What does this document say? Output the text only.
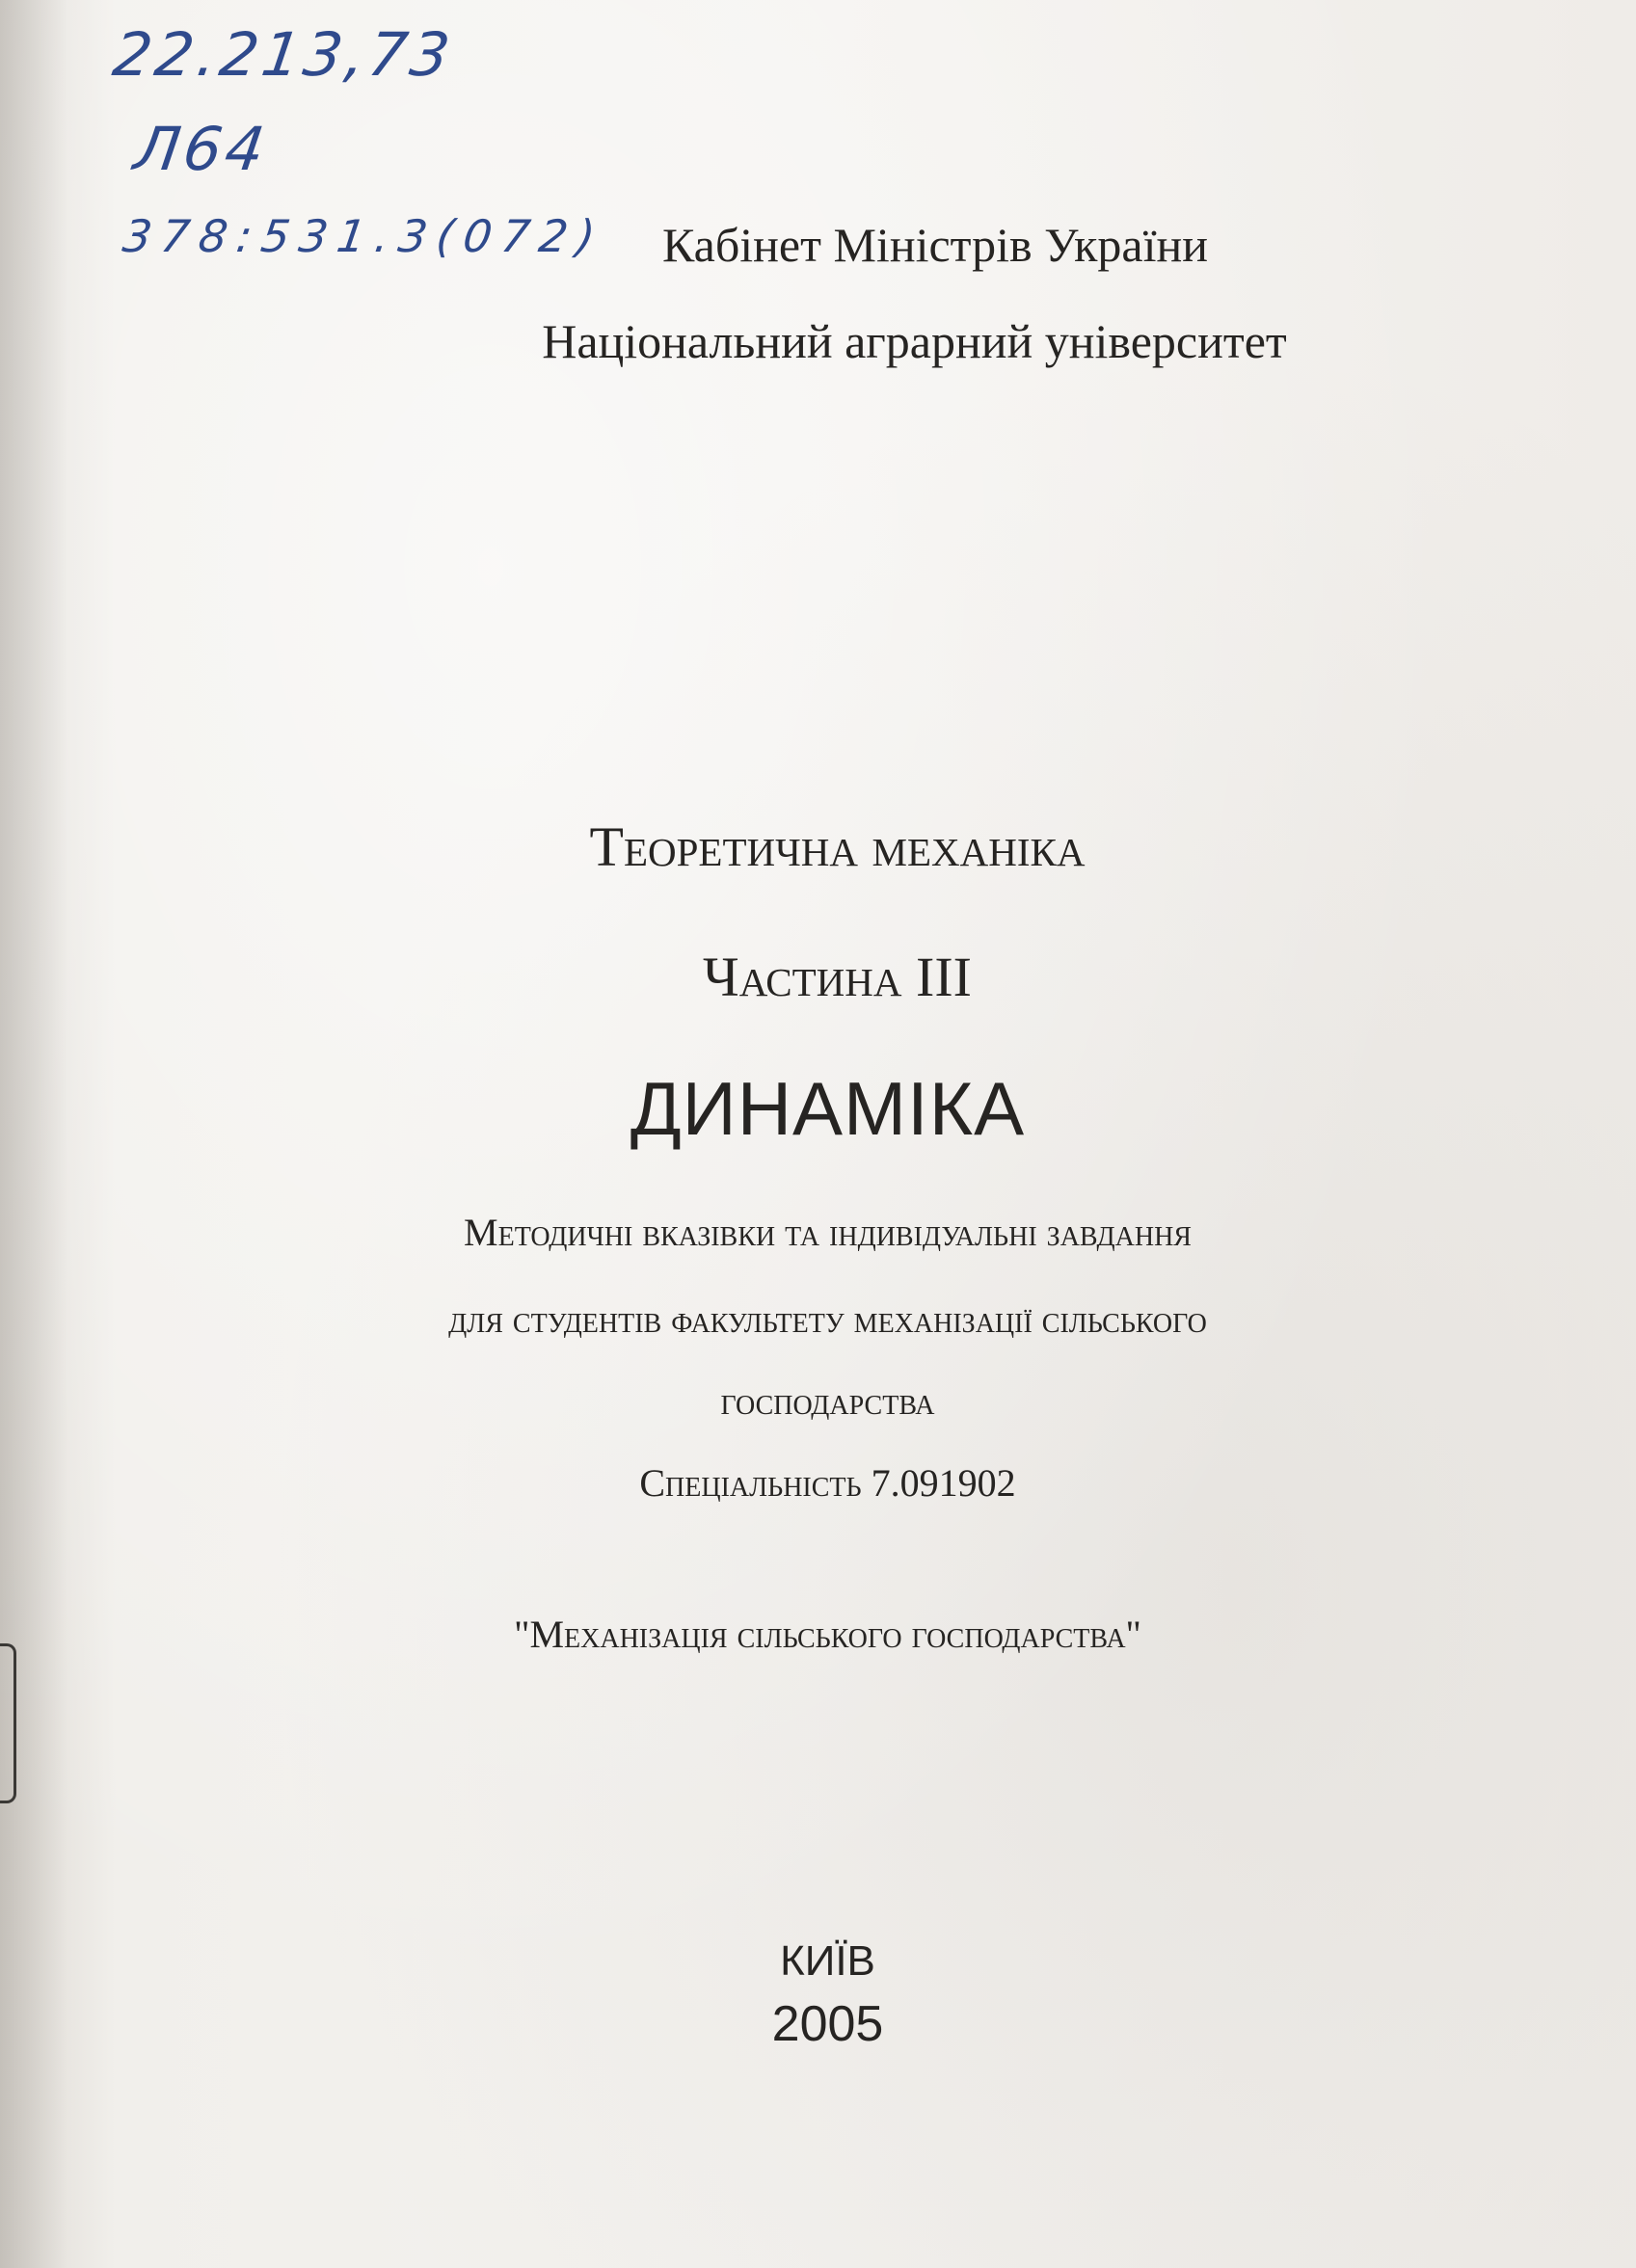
22.213,73
Л64
378:531.3(072)	Кабінет Міністрів України
Національний аграрний університет
Теоретична механіка
Частина III
ДИНАМІКА
Методичні вказівки та індивідуальні завдання
для студентів факультету механізації сільського
господарства
Спеціальність 7.091902
"Механізація сільського господарства"
КИЇВ
2005
